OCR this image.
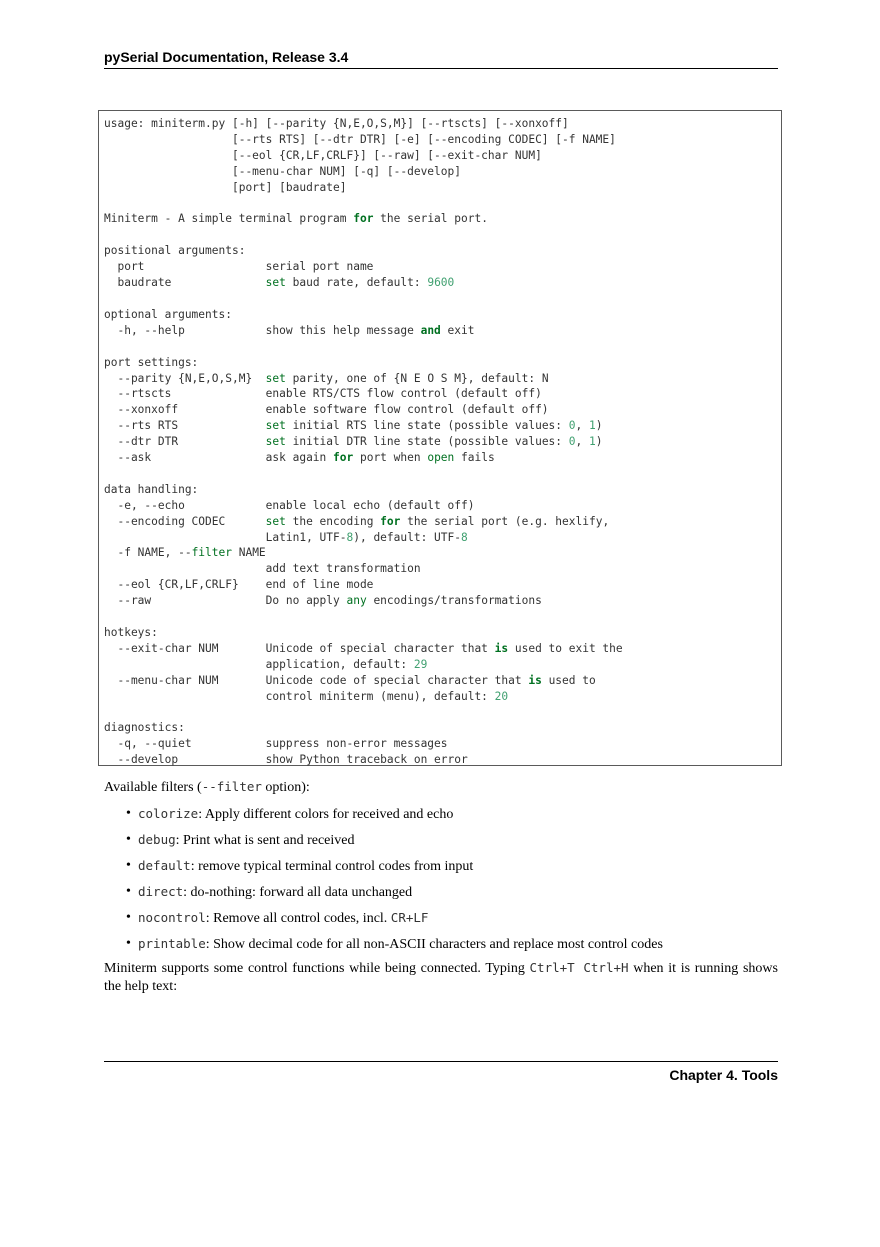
pySerial Documentation, Release 3.4
usage: miniterm.py [-h] [--parity {N,E,O,S,M}] [--rtscts] [--xonxoff]
[--rts RTS] [--dtr DTR] [-e] [--encoding CODEC] [-f NAME]
[--eol {CR,LF,CRLF}] [--raw] [--exit-char NUM]
[--menu-char NUM] [-q] [--develop]
[port] [baudrate]

Miniterm - A simple terminal program for the serial port.

positional arguments:
port                  serial port name
baudrate              set baud rate, default: 9600

optional arguments:
-h, --help            show this help message and exit

port settings:
--parity {N,E,O,S,M}  set parity, one of {N E O S M}, default: N
--rtscts              enable RTS/CTS flow control (default off)
--xonxoff             enable software flow control (default off)
--rts RTS             set initial RTS line state (possible values: 0, 1)
--dtr DTR             set initial DTR line state (possible values: 0, 1)
--ask                 ask again for port when open fails

data handling:
-e, --echo            enable local echo (default off)
--encoding CODEC      set the encoding for the serial port (e.g. hexlify,
Latin1, UTF-8), default: UTF-8
-f NAME, --filter NAME
add text transformation
--eol {CR,LF,CRLF}    end of line mode
--raw                 Do no apply any encodings/transformations

hotkeys:
--exit-char NUM       Unicode of special character that is used to exit the
application, default: 29
--menu-char NUM       Unicode code of special character that is used to
control miniterm (menu), default: 20

diagnostics:
-q, --quiet           suppress non-error messages
--develop             show Python traceback on error
Available filters (--filter option):
• colorize: Apply different colors for received and echo
• debug: Print what is sent and received
• default: remove typical terminal control codes from input
• direct: do-nothing: forward all data unchanged
• nocontrol: Remove all control codes, incl. CR+LF
• printable: Show decimal code for all non-ASCII characters and replace most control codes
Miniterm supports some control functions while being connected. Typing Ctrl+T Ctrl+H when it is running shows the help text:
Chapter 4. Tools
